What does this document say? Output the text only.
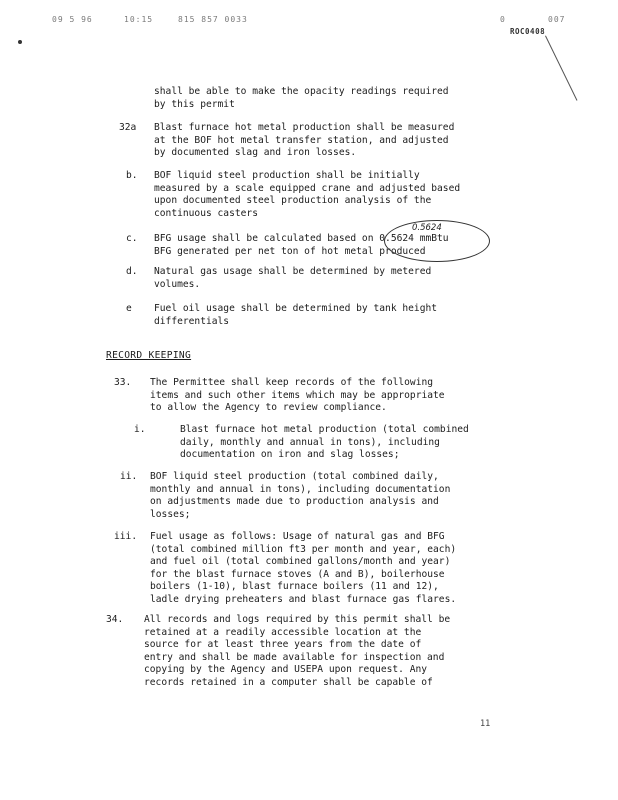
09 5 96	10:15	815 857 0033	0	007
ROC0408
shall be able to make the opacity readings required
by this permit
32a Blast furnace hot metal production shall be measured
at the BOF hot metal transfer station, and adjusted
by documented slag and iron losses.
b. BOF liquid steel production shall be initially
measured by a scale equipped crane and adjusted based
upon documented steel production analysis of the
continuous casters
c. BFG usage shall be calculated based on 0.5624 mmBtu
BFG generated per net ton of hot metal produced
0.5624
d. Natural gas usage shall be determined by metered
volumes.
e Fuel oil usage shall be determined by tank height
differentials
RECORD KEEPING
33. The Permittee shall keep records of the following
items and such other items which may be appropriate
to allow the Agency to review compliance.
i.	Blast furnace hot metal production (total combined
daily, monthly and annual in tons), including
documentation on iron and slag losses;
ii. BOF liquid steel production (total combined daily,
monthly and annual in tons), including documentation
on adjustments made due to production analysis and
losses;
iii. Fuel usage as follows: Usage of natural gas and BFG
(total combined million ft3 per month and year, each)
and fuel oil (total combined gallons/month and year)
for the blast furnace stoves (A and B), boilerhouse
boilers (1-10), blast furnace boilers (11 and 12),
ladle drying preheaters and blast furnace gas flares.
34. All records and logs required by this permit shall be
retained at a readily accessible location at the
source for at least three years from the date of
entry and shall be made available for inspection and
copying by the Agency and USEPA upon request. Any
records retained in a computer shall be capable of
11
